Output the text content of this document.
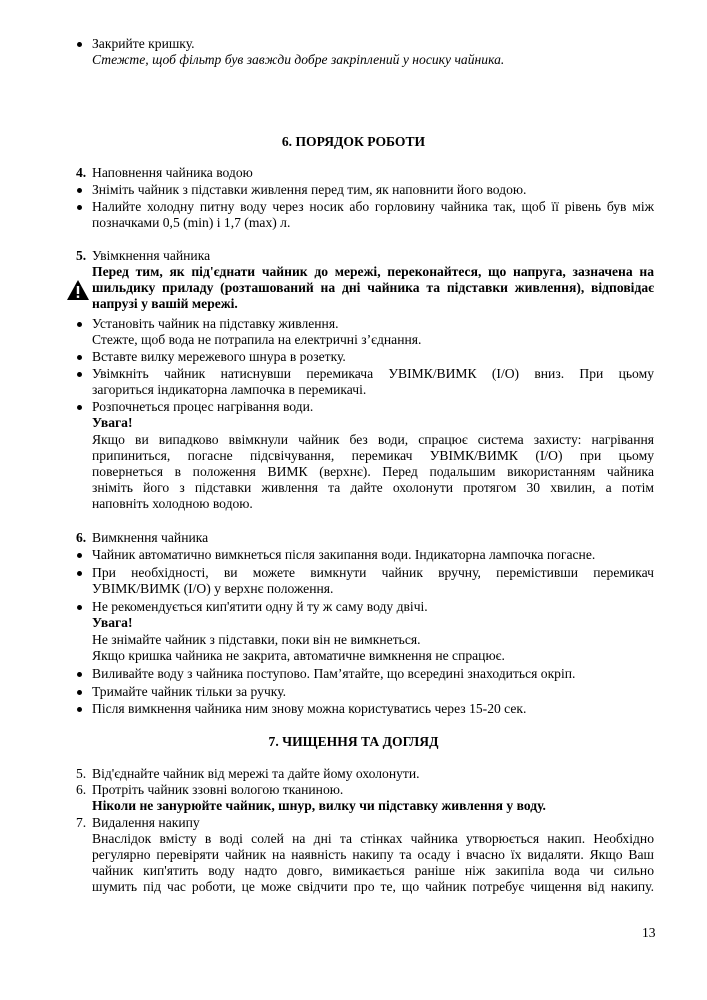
Закрийте кришку.
Стежте, щоб фільтр був завжди добре закріплений у носику чайника.
6. ПОРЯДОК РОБОТИ
4. Наповнення чайника водою
Зніміть чайник з підставки живлення перед тим, як наповнити його водою.
Налийте холодну питну воду через носик або горловину чайника так, щоб її рівень був між
позначками 0,5 (min) і 1,7 (max) л.
5. Увімкнення чайника
Перед тим, як під'єднати чайник до мережі, переконайтеся, що напруга, зазначена на
шильдику приладу (розташований на дні чайника та підставки живлення), відповідає
напрузі у вашій мережі.
Установіть чайник на підставку живлення.
Стежте, щоб вода не потрапила на електричні з’єднання.
Вставте вилку мережевого шнура в розетку.
Увімкніть чайник натиснувши перемикача УВІМК/ВИМК (І/О) вниз. При цьому
загориться індикаторна лампочка в перемикачі.
Розпочнеться процес нагрівання води.
Увага!
Якщо ви випадково ввімкнули чайник без води, спрацює система захисту: нагрівання
припиниться, погасне підсвічування, перемикач УВІМК/ВИМК (І/О) при цьому
повернеться в положення ВИМК (верхнє). Перед подальшим використанням чайника
зніміть його з підставки живлення та дайте охолонути протягом 30 хвилин, а потім
наповніть холодною водою.
6. Вимкнення чайника
Чайник автоматично вимкнеться після закипання води. Індикаторна лампочка погасне.
При необхідності, ви можете вимкнути чайник вручну, перемістивши перемикач
УВІМК/ВИМК (І/О) у верхнє положення.
Не рекомендується кип'ятити одну й ту ж саму воду двічі.
Увага!
Не знімайте чайник з підставки, поки він не вимкнеться.
Якщо кришка чайника не закрита, автоматичне вимкнення не спрацює.
Виливайте воду з чайника поступово. Пам’ятайте, що всередині знаходиться окріп.
Тримайте чайник тільки за ручку.
Після вимкнення чайника ним знову можна користуватись через 15-20 сек.
7. ЧИЩЕННЯ ТА ДОГЛЯД
5. Від'єднайте чайник від мережі та дайте йому охолонути.
6. Протріть чайник ззовні вологою тканиною.
Ніколи не занурюйте чайник, шнур, вилку чи підставку живлення у воду.
7. Видалення накипу
Внаслідок вмісту в воді солей на дні та стінках чайника утворюється накип. Необхідно
регулярно перевіряти чайник на наявність накипу та осаду і вчасно їх видаляти. Якщо Ваш
чайник кип'ятить воду надто довго, вимикається раніше ніж закипіла вода чи сильно
шумить під час роботи, це може свідчити про те, що чайник потребує чищення від накипу.
13
